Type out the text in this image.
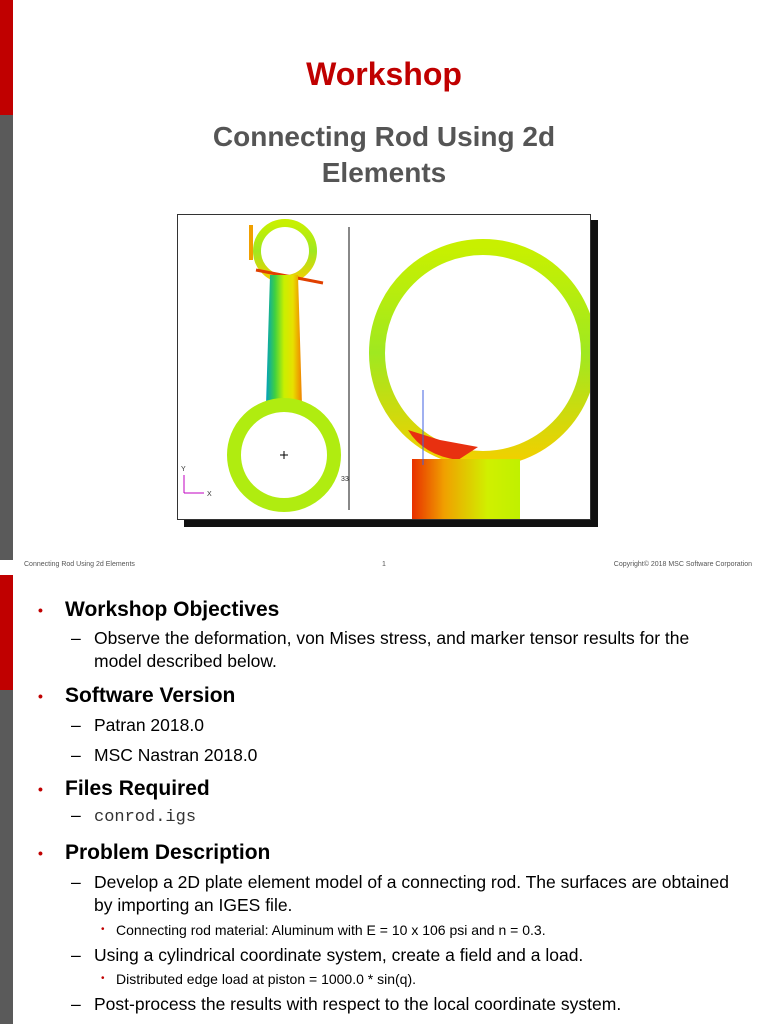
Workshop
Connecting Rod Using 2d Elements
Y
X
33
Connecting Rod Using 2d Elements	1	Copyright© 2018 MSC Software Corporation
• Workshop Objectives
– Observe the deformation, von Mises stress, and marker tensor results for the model described below.
• Software Version
– Patran 2018.0
– MSC Nastran 2018.0
• Files Required
– conrod.igs
• Problem Description
– Develop a 2D plate element model of a connecting rod. The surfaces are obtained by importing an IGES file.
• Connecting rod material: Aluminum with E = 10 x 106 psi and n = 0.3.
– Using a cylindrical coordinate system, create a field and a load.
• Distributed edge load at piston = 1000.0 * sin(q).
– Post-process the results with respect to the local coordinate system.
